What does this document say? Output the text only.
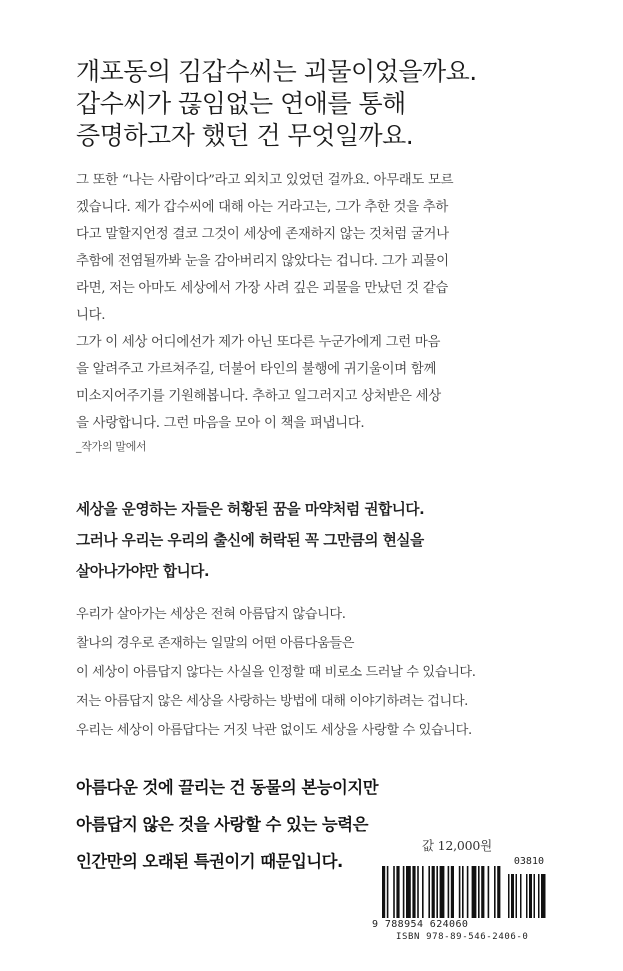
개포동의 김갑수씨는 괴물이었을까요.
갑수씨가 끊임없는 연애를 통해
증명하고자 했던 건 무엇일까요.
그 또한 “나는 사람이다”라고 외치고 있었던 걸까요. 아무래도 모르
겠습니다. 제가 갑수씨에 대해 아는 거라고는, 그가 추한 것을 추하
다고 말할지언정 결코 그것이 세상에 존재하지 않는 것처럼 굴거나
추함에 전염될까봐 눈을 감아버리지 않았다는 겁니다. 그가 괴물이
라면, 저는 아마도 세상에서 가장 사려 깊은 괴물을 만났던 것 같습
니다.
그가 이 세상 어디에선가 제가 아닌 또다른 누군가에게 그런 마음
을 알려주고 가르쳐주길, 더불어 타인의 불행에 귀기울이며 함께
미소지어주기를 기원해봅니다. 추하고 일그러지고 상처받은 세상
을 사랑합니다. 그런 마음을 모아 이 책을 펴냅니다.
_작가의 말에서
세상을 운영하는 자들은 허황된 꿈을 마약처럼 권합니다.
그러나 우리는 우리의 출신에 허락된 꼭 그만큼의 현실을
살아나가야만 합니다.
우리가 살아가는 세상은 전혀 아름답지 않습니다.
찰나의 경우로 존재하는 일말의 어떤 아름다움들은
이 세상이 아름답지 않다는 사실을 인정할 때 비로소 드러날 수 있습니다.
저는 아름답지 않은 세상을 사랑하는 방법에 대해 이야기하려는 겁니다.
우리는 세상이 아름답다는 거짓 낙관 없이도 세상을 사랑할 수 있습니다.
아름다운 것에 끌리는 건 동물의 본능이지만
아름답지 않은 것을 사랑할 수 있는 능력은
인간만의 오래된 특권이기 때문입니다.
값 12,000원
03810
9 788954 624060
ISBN 978-89-546-2406-0
